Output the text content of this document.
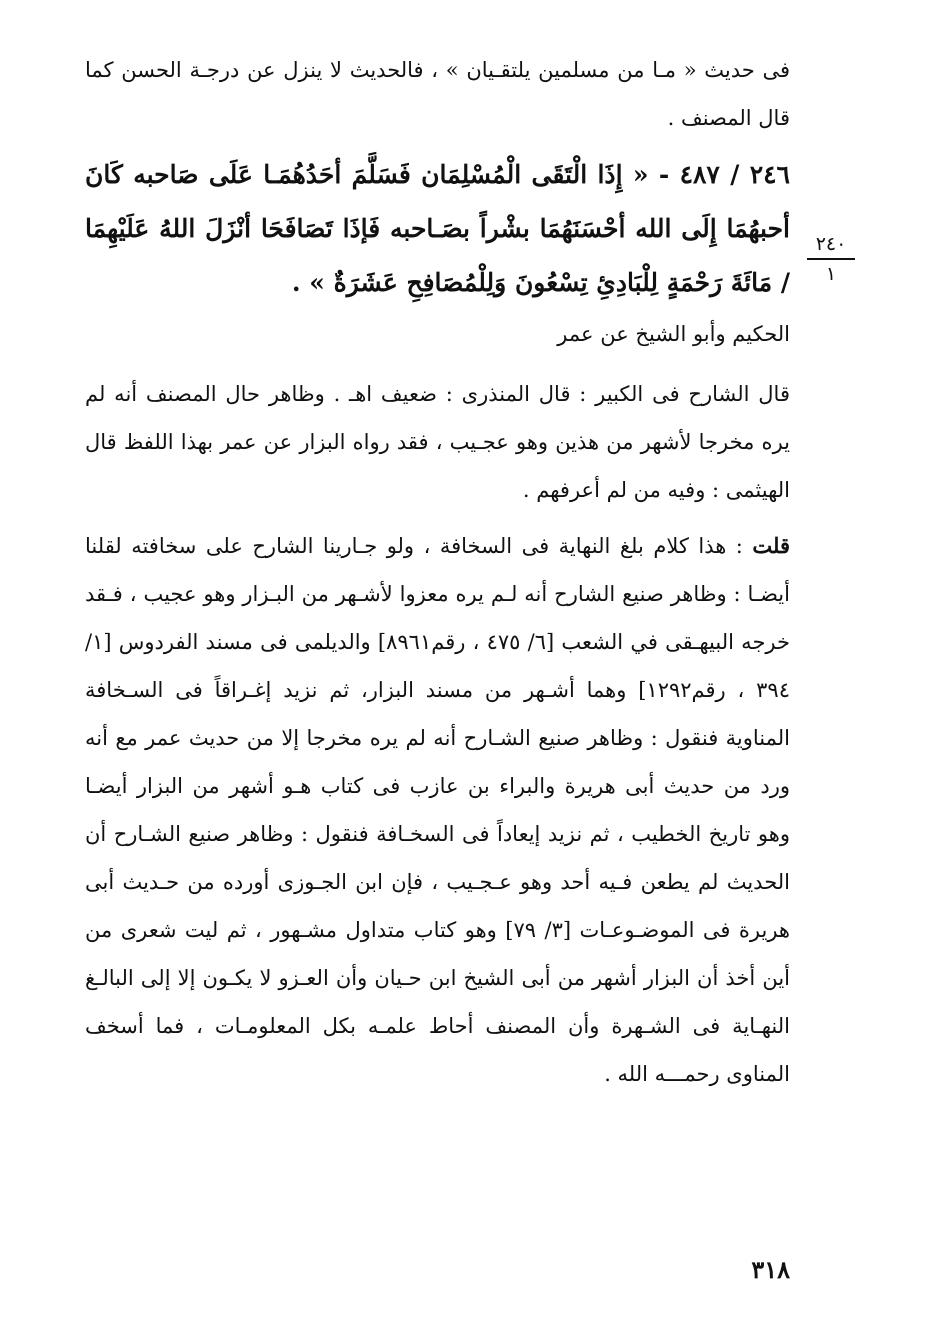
فى حديث « مـا من مسلمين يلتقـيان » ، فالحديث لا ينزل عن درجـة الحسن كما قال المصنف .

٢٤٦ / ٤٨٧ - « إِذَا الْتَقَى الْمُسْلِمَان فَسَلَّمَ أحَدُهُمَـا عَلَى صَاحبه كَانَ أحبهُمَا إِلَى الله أحْسَنَهُمَا بشْراً بصَـاحبه فَإذَا تَصَافَحَا أنْزَلَ اللهُ عَلَيْهِمَا / مَائَةَ رَحْمَةٍ لِلْبَادِئِ تِسْعُونَ وَلِلْمُصَافِحِ عَشَرَةٌ » .

٢٤٠
١

الحكيم وأبو الشيخ عن عمر

قال الشارح فى الكبير : قال المنذرى : ضعيف اهـ . وظاهر حال المصنف أنه لم يره مخرجا لأشهر من هذين وهو عجـيب ، فقد رواه البزار عن عمر بهذا اللفظ قال الهيثمى : وفيه من لم أعرفهم .

قلت : هذا كلام بلغ النهاية فى السخافة ، ولو جـارينا الشارح على سخافته لقلنا أيضـا : وظاهر صنيع الشارح أنه لـم يره معزوا لأشـهر من البـزار وهو عجيب ، فـقد خرجه البيهـقى في الشعب [٦/ ٤٧٥ ، رقم٨٩٦١] والديلمى فى مسند الفردوس [١/ ٣٩٤ ، رقم١٢٩٢] وهما أشـهر من مسند البزار، ثم نزيد إغـراقاً فى السـخافة المناوية فنقول : وظاهر صنيع الشـارح أنه لم يره مخرجا إلا من حديث عمر مع أنه ورد من حديث أبى هريرة والبراء بن عازب فى كتاب هـو أشهر من البزار أيضـا وهو تاريخ الخطيب ، ثم نزيد إيعاداً فى السخـافة فنقول : وظاهر صنيع الشـارح أن الحديث لم يطعن فـيه أحد وهو عـجـيب ، فإن ابن الجـوزى أورده من حـديث أبى هريرة فى الموضـوعـات [٣/ ٧٩] وهو كتاب متداول مشـهور ، ثم ليت شعرى من أين أخذ أن البزار أشهر من أبى الشيخ ابن حـيان وأن العـزو لا يكـون إلا إلى البالـغ النهـاية فى الشـهرة وأن المصنف أحاط علمـه بكل المعلومـات ، فما أسخف المناوى رحمـــه الله .

٣١٨
